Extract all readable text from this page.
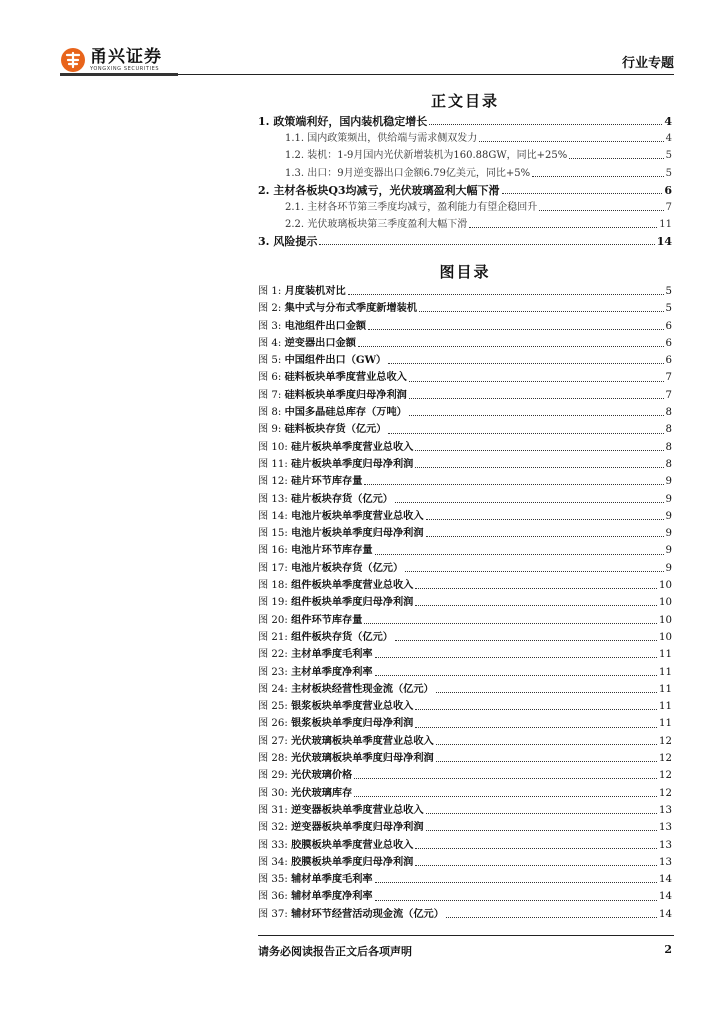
甬兴证券
YONGXING SECURITIES	行业专题
正文目录
1. 政策端利好，国内装机稳定增长	4
1.1. 国内政策频出，供给端与需求侧双发力	4
1.2. 装机：1-9月国内光伏新增装机为160.88GW，同比+25%	5
1.3. 出口：9月逆变器出口金额6.79亿美元，同比+5%	5
2. 主材各板块Q3均减亏，光伏玻璃盈利大幅下滑	6
2.1. 主材各环节第三季度均减亏，盈利能力有望企稳回升	7
2.2. 光伏玻璃板块第三季度盈利大幅下滑	11
3. 风险提示	14
图目录
图 1: 月度装机对比	5
图 2: 集中式与分布式季度新增装机	5
图 3: 电池组件出口金额	6
图 4: 逆变器出口金额	6
图 5: 中国组件出口（GW）	6
图 6: 硅料板块单季度营业总收入	7
图 7: 硅料板块单季度归母净利润	7
图 8: 中国多晶硅总库存（万吨）	8
图 9: 硅料板块存货（亿元）	8
图 10: 硅片板块单季度营业总收入	8
图 11: 硅片板块单季度归母净利润	8
图 12: 硅片环节库存量	9
图 13: 硅片板块存货（亿元）	9
图 14: 电池片板块单季度营业总收入	9
图 15: 电池片板块单季度归母净利润	9
图 16: 电池片环节库存量	9
图 17: 电池片板块存货（亿元）	9
图 18: 组件板块单季度营业总收入	10
图 19: 组件板块单季度归母净利润	10
图 20: 组件环节库存量	10
图 21: 组件板块存货（亿元）	10
图 22: 主材单季度毛利率	11
图 23: 主材单季度净利率	11
图 24: 主材板块经营性现金流（亿元）	11
图 25: 银浆板块单季度营业总收入	11
图 26: 银浆板块单季度归母净利润	11
图 27: 光伏玻璃板块单季度营业总收入	12
图 28: 光伏玻璃板块单季度归母净利润	12
图 29: 光伏玻璃价格	12
图 30: 光伏玻璃库存	12
图 31: 逆变器板块单季度营业总收入	13
图 32: 逆变器板块单季度归母净利润	13
图 33: 胶膜板块单季度营业总收入	13
图 34: 胶膜板块单季度归母净利润	13
图 35: 辅材单季度毛利率	14
图 36: 辅材单季度净利率	14
图 37: 辅材环节经营活动现金流（亿元）	14
请务必阅读报告正文后各项声明	2
